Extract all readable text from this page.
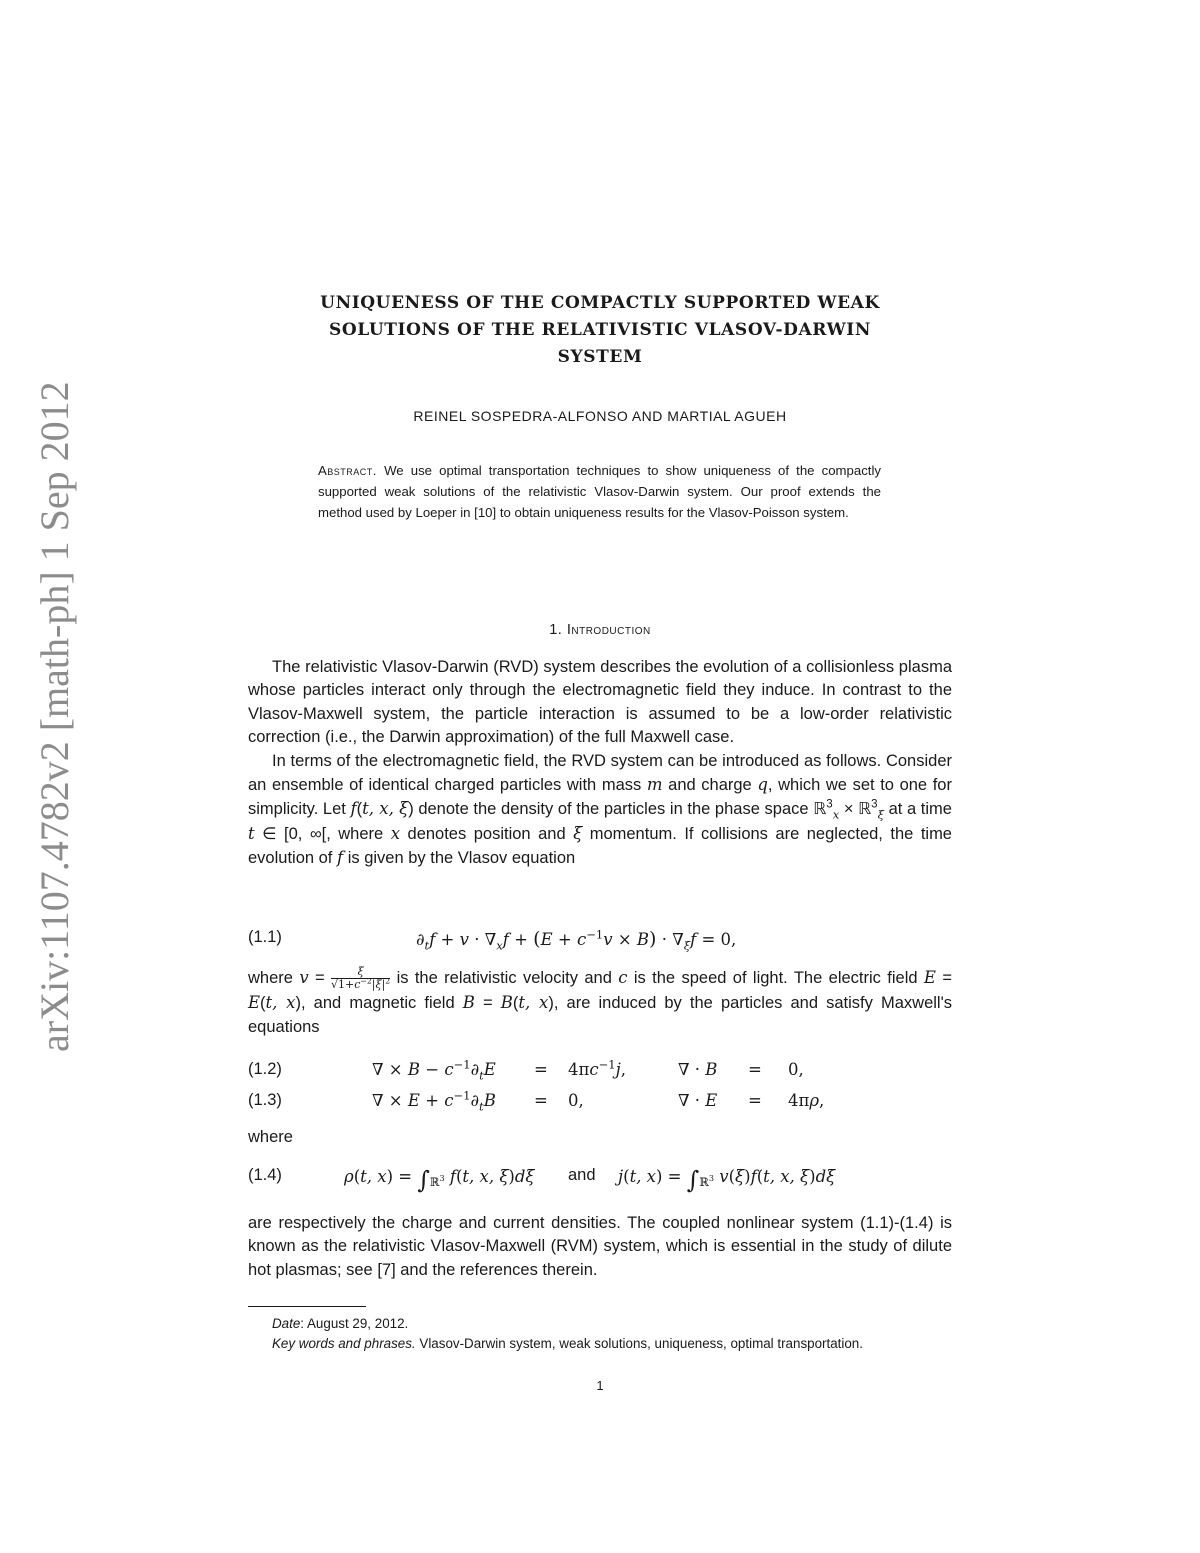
arXiv:1107.4782v2 [math-ph] 1 Sep 2012
UNIQUENESS OF THE COMPACTLY SUPPORTED WEAK
SOLUTIONS OF THE RELATIVISTIC VLASOV-DARWIN
SYSTEM
REINEL SOSPEDRA-ALFONSO AND MARTIAL AGUEH
Abstract. We use optimal transportation techniques to show uniqueness of the compactly supported weak solutions of the relativistic Vlasov-Darwin system. Our proof extends the method used by Loeper in [10] to obtain uniqueness results for the Vlasov-Poisson system.
1. Introduction

The relativistic Vlasov-Darwin (RVD) system describes the evolution of a collisionless plasma whose particles interact only through the electromagnetic field they induce. In contrast to the Vlasov-Maxwell system, the particle interaction is assumed to be a low-order relativistic correction (i.e., the Darwin approximation) of the full Maxwell case.

In terms of the electromagnetic field, the RVD system can be introduced as follows. Consider an ensemble of identical charged particles with mass m and charge q, which we set to one for simplicity. Let f(t, x, ξ) denote the density of the particles in the phase space ℝ$^3_x$ × ℝ$^3_\xi$ at a time t ∈ [0, ∞[, where x denotes position and ξ momentum. If collisions are neglected, the time evolution of f is given by the Vlasov equation

(1.1)	$\partial_tf + v \cdot \nabla_xf + (E + c^{-1}v \times B) \cdot \nabla_\xi f = 0$,
where $v = \frac{\xi}{√1+c^{-2}|\xi|^2}$ is the relativistic velocity and c is the speed of light. The electric field E = E(t, x), and magnetic field B = B(t, x), are induced by the particles and satisfy Maxwell's equations
(1.2)	∇ × $B - c^{-1}\partial_tE = 4\pi c^{-1}j$,	∇ · B = 0,
(1.3)	∇ × $E + c^{-1}\partial_tB = 0$,	∇ · E = 4πρ,
where
(1.4)	ρ(t, $x) = \int_{ℝ^3}$ f(t, x, ξ)dξ and j(t, $x) = \int_{ℝ^3}$ v(ξ)f(t, x, ξ)dξ
are respectively the charge and current densities. The coupled nonlinear system (1.1)-(1.4) is known as the relativistic Vlasov-Maxwell (RVM) system, which is essential in the study of dilute hot plasmas; see [7] and the references therein.
Date: August 29, 2012.
Key words and phrases. Vlasov-Darwin system, weak solutions, uniqueness, optimal transportation.
1
